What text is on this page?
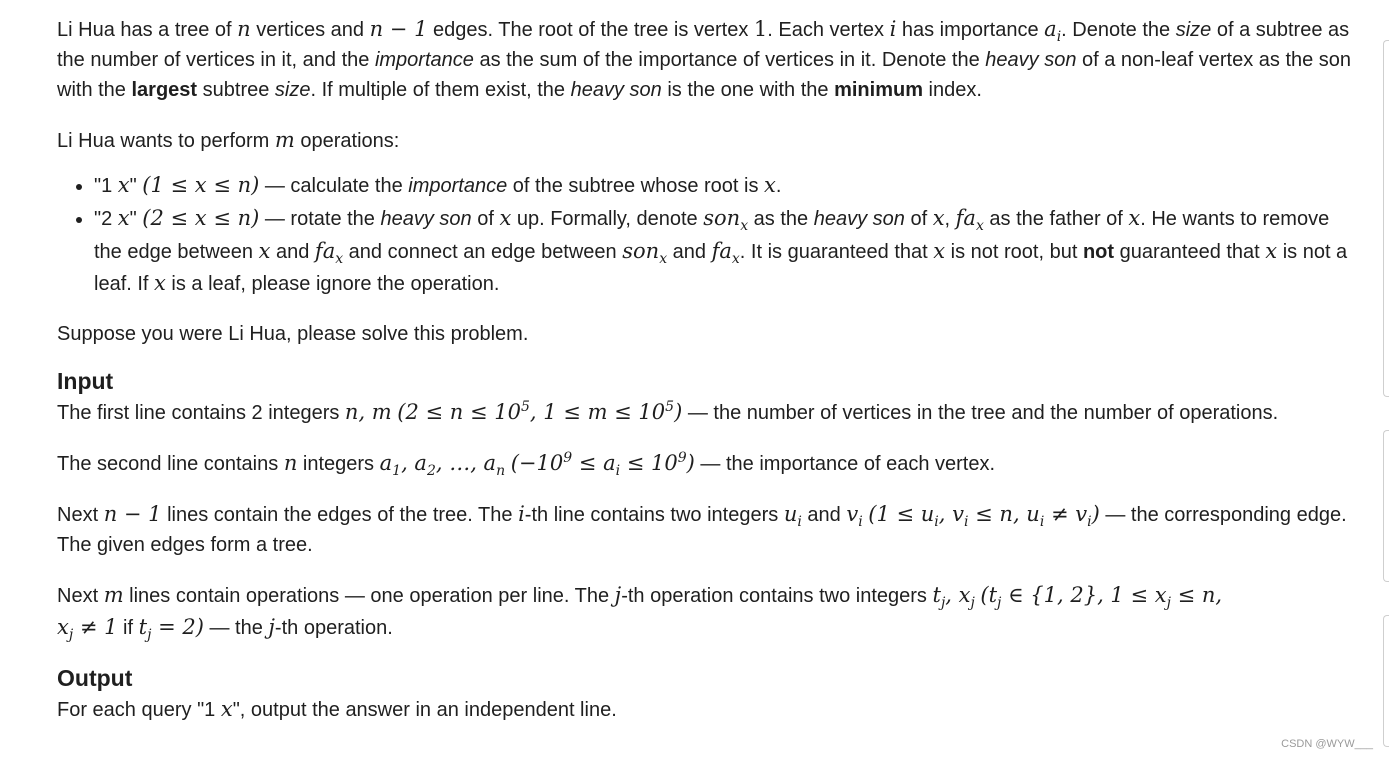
Li Hua has a tree of n vertices and n − 1 edges. The root of the tree is vertex 1. Each vertex i has importance $a_i$. Denote the size of a subtree as the number of vertices in it, and the importance as the sum of the importance of vertices in it. Denote the heavy son of a non-leaf vertex as the son with the largest subtree size. If multiple of them exist, the heavy son is the one with the minimum index.

Li Hua wants to perform m operations:

• "1 x" (1 ≤ x ≤ n) — calculate the importance of the subtree whose root is x.
• "2 x" (2 ≤ x ≤ n) — rotate the heavy son of x up. Formally, denote son$_x$ as the heavy son of x, $fa_x$ as the father of x. He wants to remove the edge between x and $fa_x$ and connect an edge between son$_x$ and $fa_x$. It is guaranteed that x is not root, but not guaranteed that x is not a leaf. If x is a leaf, please ignore the operation.

Suppose you were Li Hua, please solve this problem.

Input

The first line contains 2 integers n, m ($2 \le n \le 10^5$, $1 \le m \le 10^5$) — the number of vertices in the tree and the number of operations.

The second line contains n integers $a_1$, $a_2$, …, $a_n$ $(-10^9 \le a_i \le 10^9)$ — the importance of each vertex.

Next n − 1 lines contain the edges of the tree. The i-th line contains two integers $u_i$ and $v_i$ ($1 \le u_i$, $v_i \le n$, $u_i \ne v_i$) — the corresponding edge. The given edges form a tree.

Next m lines contain operations — one operation per line. The j-th operation contains two integers $t_j$, $x_j$ ($t_j$ ∈ {1, 2}, $1 \le x_j \le n$,
$x_j \ne 1$ if $t_j = 2$) — the j-th operation.

Output

For each query "1 x", output the answer in an independent line.

CSDN @WYW___
